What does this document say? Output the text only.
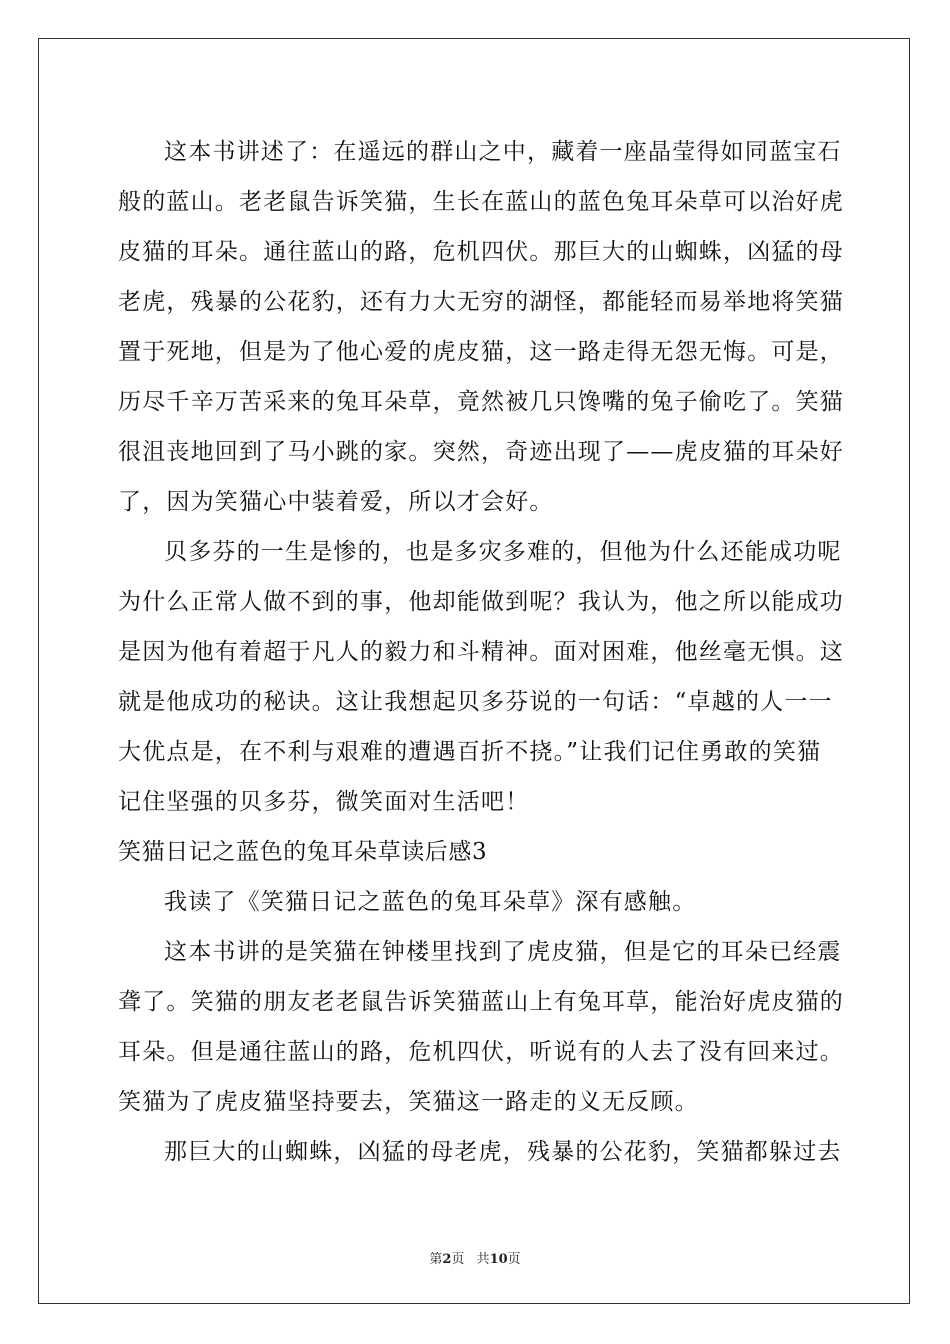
这本书讲述了：在遥远的群山之中，藏着一座晶莹得如同蓝宝石
般的蓝山。老老鼠告诉笑猫，生长在蓝山的蓝色兔耳朵草可以治好虎
皮猫的耳朵。通往蓝山的路，危机四伏。那巨大的山蜘蛛，凶猛的母
老虎，残暴的公花豹，还有力大无穷的湖怪，都能轻而易举地将笑猫
置于死地，但是为了他心爱的虎皮猫，这一路走得无怨无悔。可是，
历尽千辛万苦采来的兔耳朵草，竟然被几只馋嘴的兔子偷吃了。笑猫
很沮丧地回到了马小跳的家。突然，奇迹出现了——虎皮猫的耳朵好
了，因为笑猫心中装着爱，所以才会好。
贝多芬的一生是惨的，也是多灾多难的，但他为什么还能成功呢
为什么正常人做不到的事，他却能做到呢？我认为，他之所以能成功
是因为他有着超于凡人的毅力和斗精神。面对困难，他丝毫无惧。这
就是他成功的秘诀。这让我想起贝多芬说的一句话：“卓越的人一一
大优点是，在不利与艰难的遭遇百折不挠。”让我们记住勇敢的笑猫
记住坚强的贝多芬，微笑面对生活吧！
笑猫日记之蓝色的兔耳朵草读后感3
我读了《笑猫日记之蓝色的兔耳朵草》深有感触。
这本书讲的是笑猫在钟楼里找到了虎皮猫，但是它的耳朵已经震
聋了。笑猫的朋友老老鼠告诉笑猫蓝山上有兔耳草，能治好虎皮猫的
耳朵。但是通往蓝山的路，危机四伏，听说有的人去了没有回来过。
笑猫为了虎皮猫坚持要去，笑猫这一路走的义无反顾。
那巨大的山蜘蛛，凶猛的母老虎，残暴的公花豹，笑猫都躲过去
第2页 共10页
